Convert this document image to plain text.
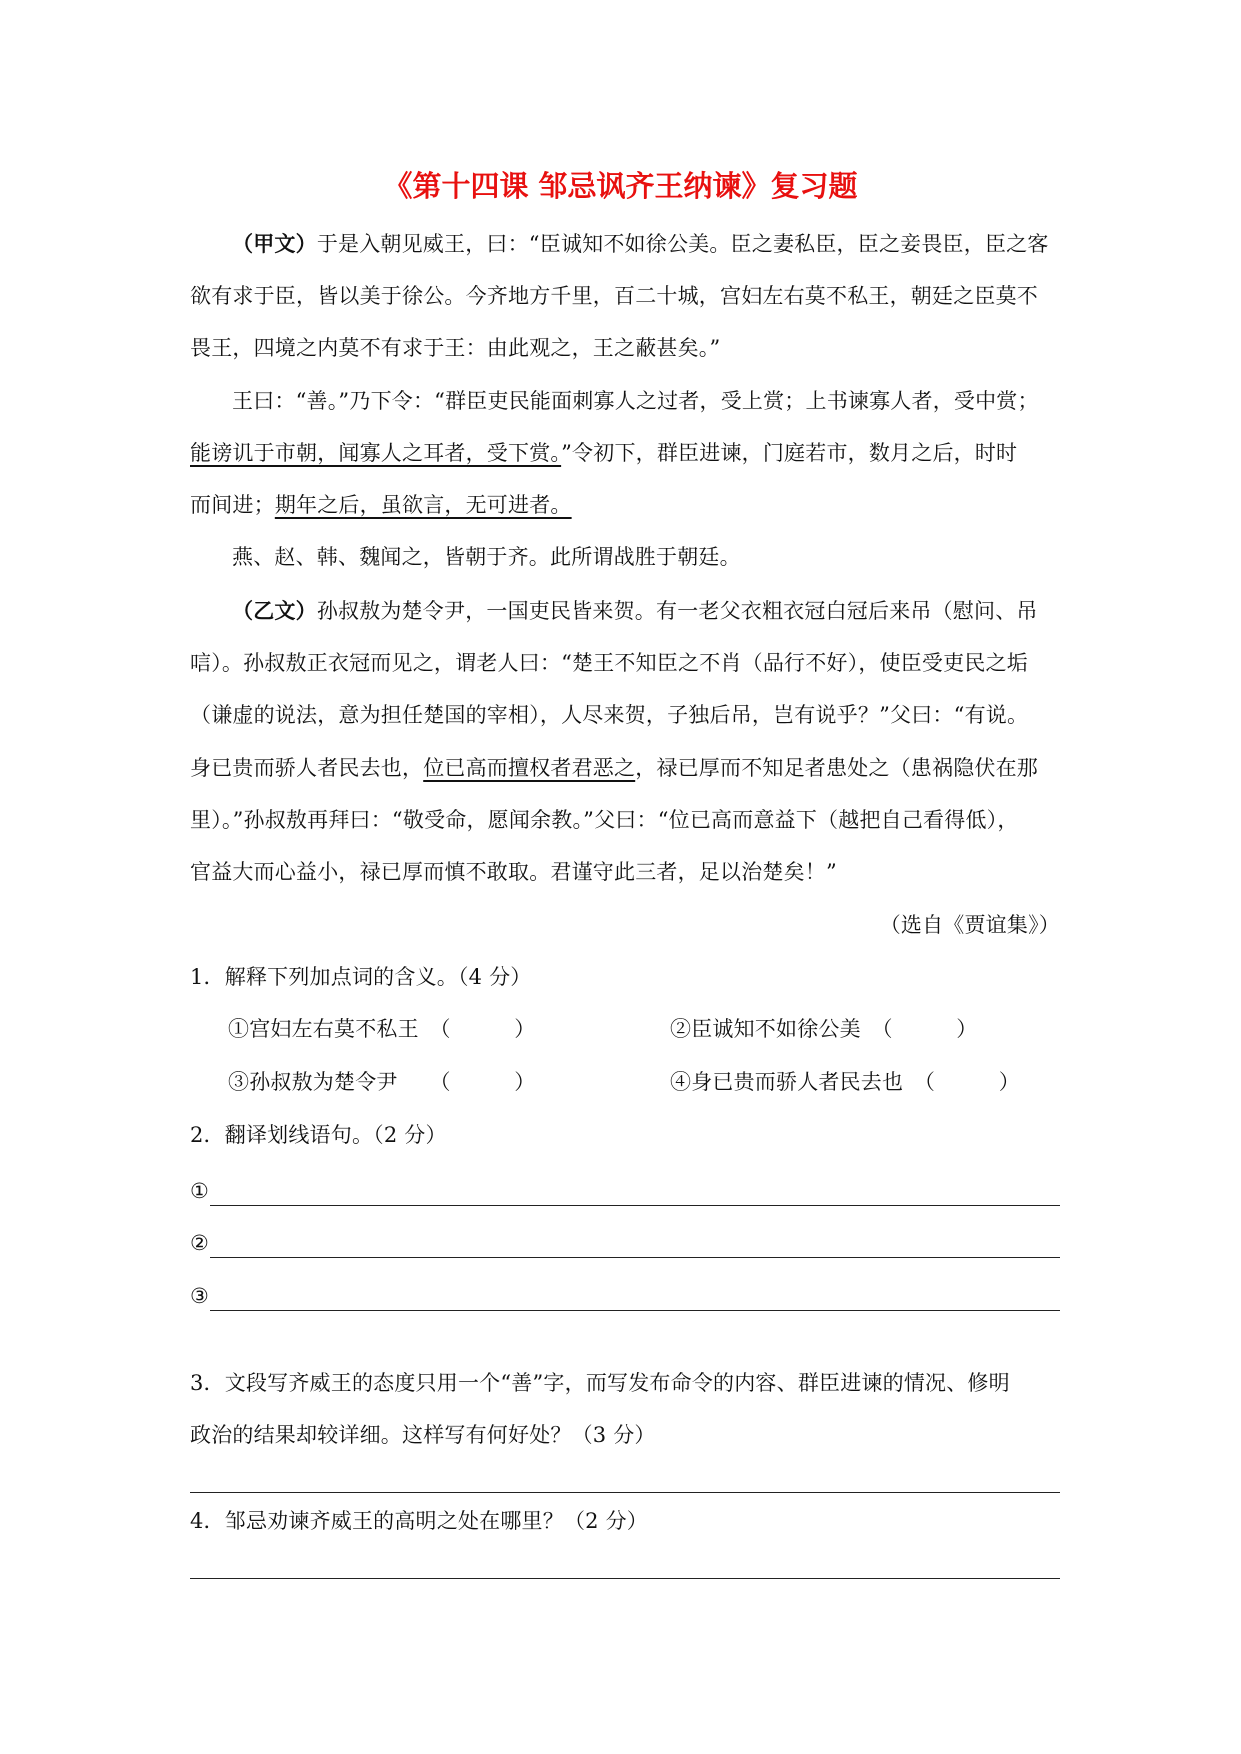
《第十四课 邹忌讽齐王纳谏》复习题
（甲文）于是入朝见威王，曰：“臣诚知不如徐公美。臣之妻私臣，臣之妾畏臣，臣之客
欲有求于臣，皆以美于徐公。今齐地方千里，百二十城，宫妇左右莫不私王，朝廷之臣莫不
畏王，四境之内莫不有求于王：由此观之，王之蔽甚矣。”
王曰：“善。”乃下令：“群臣吏民能面刺寡人之过者，受上赏；上书谏寡人者，受中赏；
能谤讥于市朝，闻寡人之耳者，受下赏。”令初下，群臣进谏，门庭若市，数月之后，时时
而间进；期年之后，虽欲言，无可进者。
燕、赵、韩、魏闻之，皆朝于齐。此所谓战胜于朝廷。
（乙文）孙叔敖为楚令尹，一国吏民皆来贺。有一老父衣粗衣冠白冠后来吊（慰问、吊
唁）。孙叔敖正衣冠而见之，谓老人曰：“楚王不知臣之不肖（品行不好），使臣受吏民之垢
（谦虚的说法，意为担任楚国的宰相），人尽来贺，子独后吊，岂有说乎？”父曰：“有说。
身已贵而骄人者民去也，位已高而擅权者君恶之，禄已厚而不知足者患处之（患祸隐伏在那
里）。”孙叔敖再拜曰：“敬受命，愿闻余教。”父曰：“位已高而意益下（越把自己看得低），
官益大而心益小，禄已厚而慎不敢取。君谨守此三者，足以治楚矣！”
（选自《贾谊集》）
1．解释下列加点词的含义。（4 分）
①宫妇左右莫不私王　（　　　）	②臣诚知不如徐公美　（　　　）
③孙叔敖为楚令尹　　（　　　）	④身已贵而骄人者民去也　（　　　）
2．翻译划线语句。（2 分）
①
②
③
3．文段写齐威王的态度只用一个“善”字，而写发布命令的内容、群臣进谏的情况、修明
政治的结果却较详细。这样写有何好处？（3 分）
4．邹忌劝谏齐威王的高明之处在哪里？（2 分）
